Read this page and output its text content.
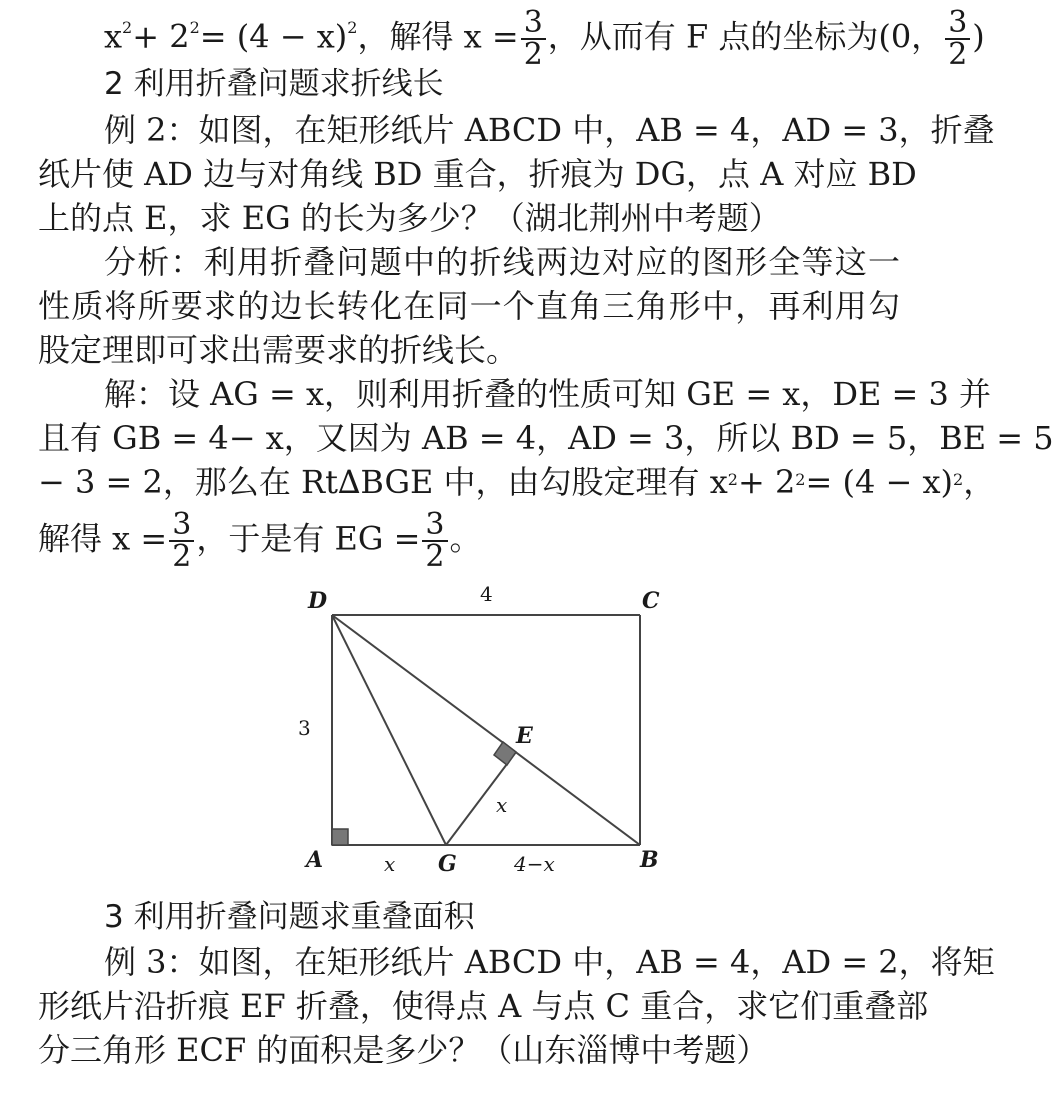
$x^2+ 2^2= (4 - x)^2$，解得 $x = \frac{3}{2}$ ，从而有 F 点的坐标为(0， $\frac{3}{2}$ )
2 利用折叠问题求折线长
例 2：如图，在矩形纸片 ABCD 中，AB = 4，AD = 3，折叠
纸片使 AD 边与对角线 BD 重合，折痕为 DG，点 A 对应 BD
上的点 E，求 EG 的长为多少？（湖北荆州中考题）
分析：利用折叠问题中的折线两边对应的图形全等这一
性质将所要求的边长转化在同一个直角三角形中，再利用勾
股定理即可求出需要求的折线长。
解：设 AG = x，则利用折叠的性质可知 GE = x，DE = 3 并
且有 GB = 4− x，又因为 AB = 4，AD = 3，所以 BD = 5，BE = 5
− 3 = 2，那么在 Rt∆BGE 中，由勾股定理有 $x^2+ 2^2= (4 - x)^2$，
解得 $x = \frac{3}{2}$ ，于是有 EG = $\frac{3}{2}$ 。
D	C
A	B
G
E
4
3
x
x
4−x
3 利用折叠问题求重叠面积
例 3：如图，在矩形纸片 ABCD 中，AB = 4，AD = 2，将矩
形纸片沿折痕 EF 折叠，使得点 A 与点 C 重合，求它们重叠部
分三角形 ECF 的面积是多少？（山东淄博中考题）
